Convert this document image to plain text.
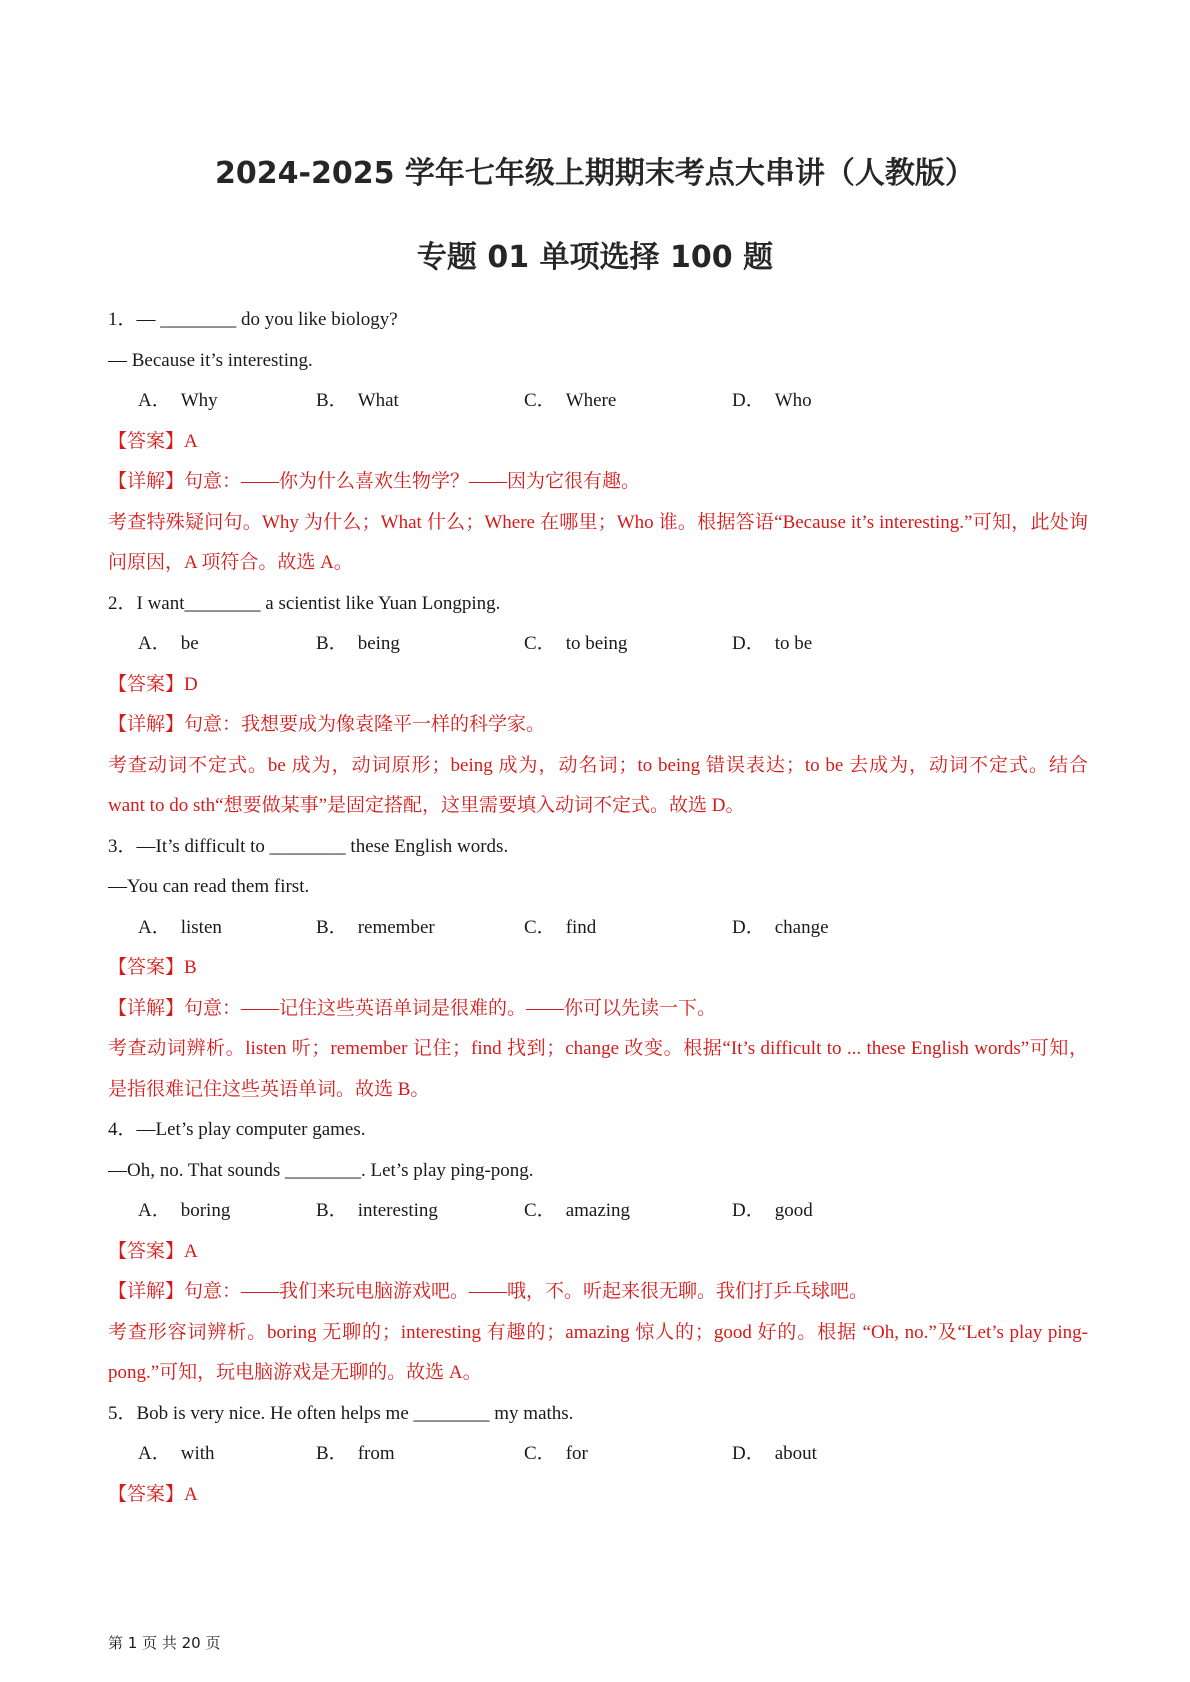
2024-2025 学年七年级上期期末考点大串讲（人教版）
专题 01 单项选择 100 题
1．— ________ do you like biology?
— Because it’s interesting.
A． Why	B． What	C． Where	D． Who
【答案】A
【详解】句意：——你为什么喜欢生物学？——因为它很有趣。
考查特殊疑问句。Why 为什么；What 什么；Where 在哪里；Who 谁。根据答语“Because it’s interesting.”可知，此处询问原因，A 项符合。故选 A。
2．I want________ a scientist like Yuan Longping.
A． be	B． being	C． to being	D． to be
【答案】D
【详解】句意：我想要成为像袁隆平一样的科学家。
考查动词不定式。be 成为，动词原形；being 成为，动名词；to being 错误表达；to be 去成为，动词不定式。结合 want to do sth“想要做某事”是固定搭配，这里需要填入动词不定式。故选 D。
3．—It’s difficult to ________ these English words.
—You can read them first.
A． listen	B． remember	C． find	D． change
【答案】B
【详解】句意：——记住这些英语单词是很难的。——你可以先读一下。
考查动词辨析。listen 听；remember 记住；find 找到；change 改变。根据“It’s difficult to ... these English words”可知，是指很难记住这些英语单词。故选 B。
4．—Let’s play computer games.
—Oh, no. That sounds ________. Let’s play ping-pong.
A． boring	B． interesting	C． amazing	D． good
【答案】A
【详解】句意：——我们来玩电脑游戏吧。——哦，不。听起来很无聊。我们打乒乓球吧。
考查形容词辨析。boring 无聊的；interesting 有趣的；amazing 惊人的；good 好的。根据 “Oh, no.”及“Let’s play ping-pong.”可知，玩电脑游戏是无聊的。故选 A。
5．Bob is very nice. He often helps me ________ my maths.
A． with	B． from	C． for	D． about
【答案】A
第 1 页 共 20 页
